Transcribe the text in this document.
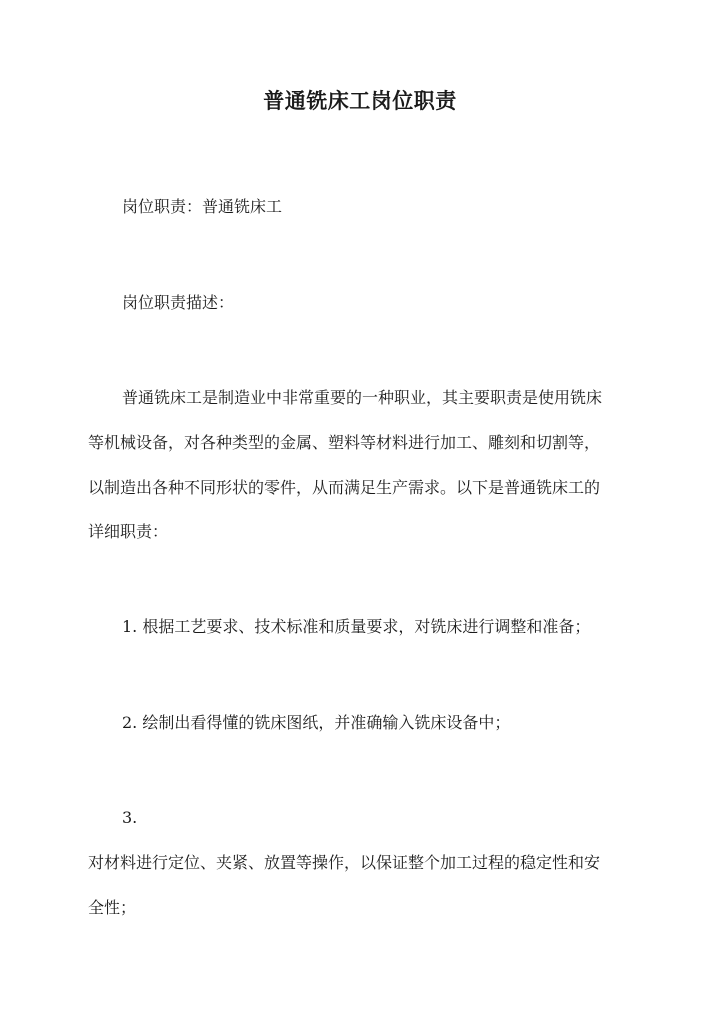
普通铣床工岗位职责
岗位职责：普通铣床工
岗位职责描述：
普通铣床工是制造业中非常重要的一种职业，其主要职责是使用铣床
等机械设备，对各种类型的金属、塑料等材料进行加工、雕刻和切割等，
以制造出各种不同形状的零件，从而满足生产需求。以下是普通铣床工的
详细职责：
1. 根据工艺要求、技术标准和质量要求，对铣床进行调整和准备；
2. 绘制出看得懂的铣床图纸，并准确输入铣床设备中；
3.
对材料进行定位、夹紧、放置等操作，以保证整个加工过程的稳定性和安
全性；
